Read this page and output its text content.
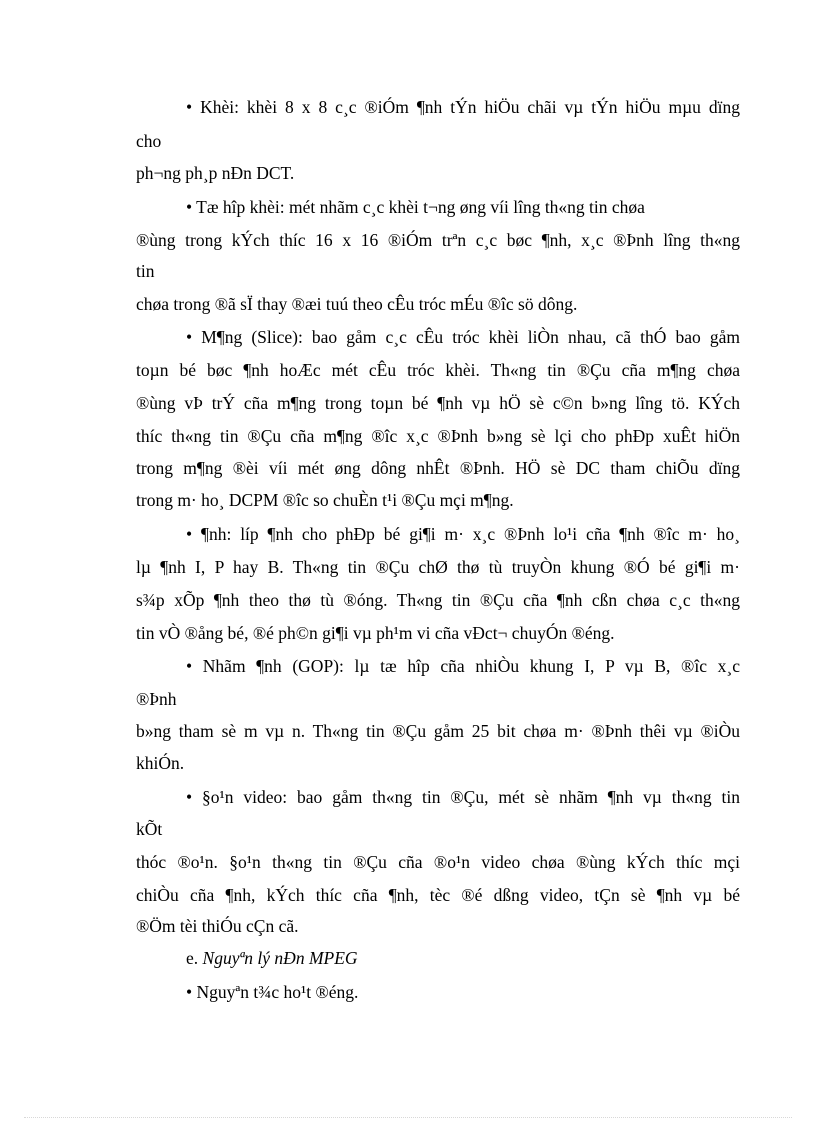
• Khèi: khèi 8 x 8 c¸c ®iÓm ¶nh tÝn hiÖu chãi vµ tÝn hiÖu mµu dïng
cho
ph¬ng ph¸p nÐn DCT.
• Tæ hîp khèi: mét nhãm c¸c khèi t¬ng øng víi lîng th«ng tin chøa
®ùng trong kÝch thíc 16 x 16 ®iÓm trªn c¸c bøc ¶nh, x¸c ®Þnh lîng th«ng
tin
chøa trong ®ã sÏ thay ®æi tuú theo cÊu tróc mÉu ®îc sö dông.
• M¶ng (Slice): bao gåm c¸c cÊu tróc khèi liÒn nhau, cã thÓ bao gåm
toµn bé bøc ¶nh hoÆc mét cÊu tróc khèi. Th«ng tin ®Çu cña m¶ng chøa
®ùng vÞ trÝ cña m¶ng trong toµn bé ¶nh vµ hÖ sè c©n b»ng lîng tö. KÝch
thíc th«ng tin ®Çu cña m¶ng ®îc x¸c ®Þnh b»ng sè lçi cho phÐp xuÊt hiÖn
trong m¶ng ®èi víi mét øng dông nhÊt ®Þnh. HÖ sè DC tham chiÕu dïng
trong m· ho¸ DCPM ®îc so chuÈn t¹i ®Çu mçi m¶ng.
• ¶nh: líp ¶nh cho phÐp bé gi¶i m· x¸c ®Þnh lo¹i cña ¶nh ®îc m· ho¸
lµ ¶nh I, P hay B. Th«ng tin ®Çu chØ thø tù truyÒn khung ®Ó bé gi¶i m·
s¾p xÕp ¶nh theo thø tù ®óng. Th«ng tin ®Çu cña ¶nh cßn chøa c¸c th«ng
tin vÒ ®ång bé, ®é ph©n gi¶i vµ ph¹m vi cña vÐct¬ chuyÓn ®éng.
• Nhãm ¶nh (GOP): lµ tæ hîp cña nhiÒu khung I, P vµ B, ®îc x¸c
®Þnh
b»ng tham sè m vµ n. Th«ng tin ®Çu gåm 25 bit chøa m· ®Þnh thêi vµ ®iÒu
khiÓn.
• §o¹n video: bao gåm th«ng tin ®Çu, mét sè nhãm ¶nh vµ th«ng tin
kÕt
thóc ®o¹n. §o¹n th«ng tin ®Çu cña ®o¹n video chøa ®ùng kÝch thíc mçi
chiÒu cña ¶nh, kÝch thíc cña ¶nh, tèc ®é dßng video, tÇn sè ¶nh vµ bé
®Öm tèi thiÓu cÇn cã.
e. Nguyªn lý nÐn MPEG
• Nguyªn t¾c ho¹t ®éng.
